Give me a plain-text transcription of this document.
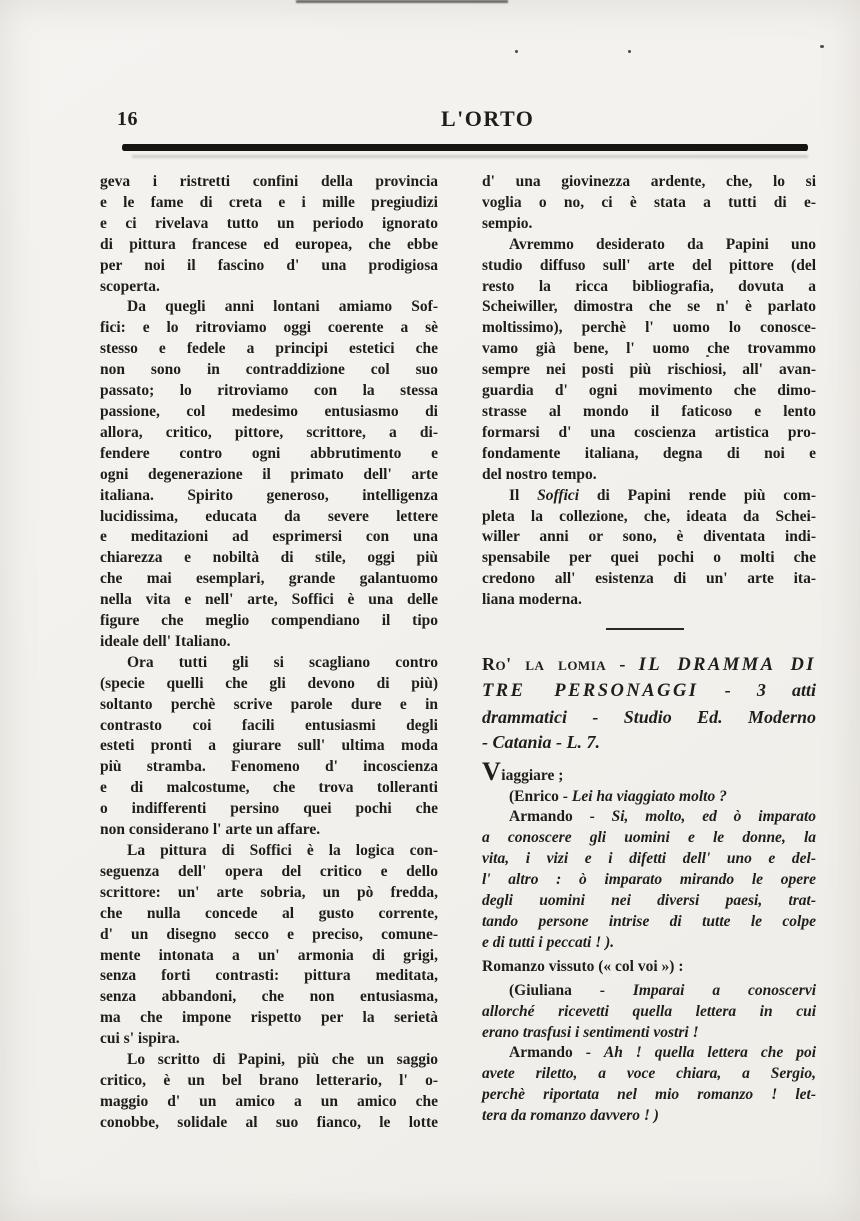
16	L'ORTO
geva i ristretti confini della provincia
e le fame di creta e i mille pregiudizi
e ci rivelava tutto un periodo ignorato
di pittura francese ed europea, che ebbe
per noi il fascino d' una prodigiosa
scoperta.
Da quegli anni lontani amiamo Sof-
fici: e lo ritroviamo oggi coerente a sè
stesso e fedele a principi estetici che
non sono in contraddizione col suo
passato; lo ritroviamo con la stessa
passione, col medesimo entusiasmo di
allora, critico, pittore, scrittore, a di-
fendere contro ogni abbrutimento e
ogni degenerazione il primato dell' arte
italiana. Spirito generoso, intelligenza
lucidissima, educata da severe lettere
e meditazioni ad esprimersi con una
chiarezza e nobiltà di stile, oggi più
che mai esemplari, grande galantuomo
nella vita e nell' arte, Soffici è una delle
figure che meglio compendiano il tipo
ideale dell' Italiano.
Ora tutti gli si scagliano contro
(specie quelli che gli devono di più)
soltanto perchè scrive parole dure e in
contrasto coi facili entusiasmi degli
esteti pronti a giurare sull' ultima moda
più stramba. Fenomeno d' incoscienza
e di malcostume, che trova tolleranti
o indifferenti persino quei pochi che
non considerano l' arte un affare.
La pittura di Soffici è la logica con-
seguenza dell' opera del critico e dello
scrittore: un' arte sobria, un pò fredda,
che nulla concede al gusto corrente,
d' un disegno secco e preciso, comune-
mente intonata a un' armonia di grigi,
senza forti contrasti: pittura meditata,
senza abbandoni, che non entusiasma,
ma che impone rispetto per la serietà
cui s' ispira.
Lo scritto di Papini, più che un saggio
critico, è un bel brano letterario, l' o-
maggio d' un amico a un amico che
conobbe, solidale al suo fianco, le lotte
d' una giovinezza ardente, che, lo si
voglia o no, ci è stata a tutti di e-
sempio.
Avremmo desiderato da Papini uno
studio diffuso sull' arte del pittore (del
resto la ricca bibliografia, dovuta a
Scheiwiller, dimostra che se n' è parlato
moltissimo), perchè l' uomo lo conosce-
vamo già bene, l' uomo che trovammo
sempre nei posti più rischiosi, all' avan-
guardia d' ogni movimento che dimo-
strasse al mondo il faticoso e lento
formarsi d' una coscienza artistica pro-
fondamente italiana, degna di noi e
del nostro tempo.
Il Soffici di Papini rende più com-
pleta la collezione, che, ideata da Schei-
willer anni or sono, è diventata indi-
spensabile per quei pochi o molti che
credono all' esistenza di un' arte ita-
liana moderna.
Ro' la lomia - IL DRAMMA DI
TRE PERSONAGGI - 3 atti
drammatici - Studio Ed. Moderno
- Catania - L. 7.
Viaggiare ;
(Enrico - Lei ha viaggiato molto ?
Armando - Si, molto, ed ò imparato
a conoscere gli uomini e le donne, la
vita, i vizi e i difetti dell' uno e del-
l' altro : ò imparato mirando le opere
degli uomini nei diversi paesi, trat-
tando persone intrise di tutte le colpe
e di tutti i peccati ! ).
Romanzo vissuto (« col voi ») :
(Giuliana - Imparai a conoscervi
allorché ricevetti quella lettera in cui
erano trasfusi i sentimenti vostri !
Armando - Ah ! quella lettera che poi
avete riletto, a voce chiara, a Sergio,
perchè riportata nel mio romanzo ! let-
tera da romanzo davvero ! )
